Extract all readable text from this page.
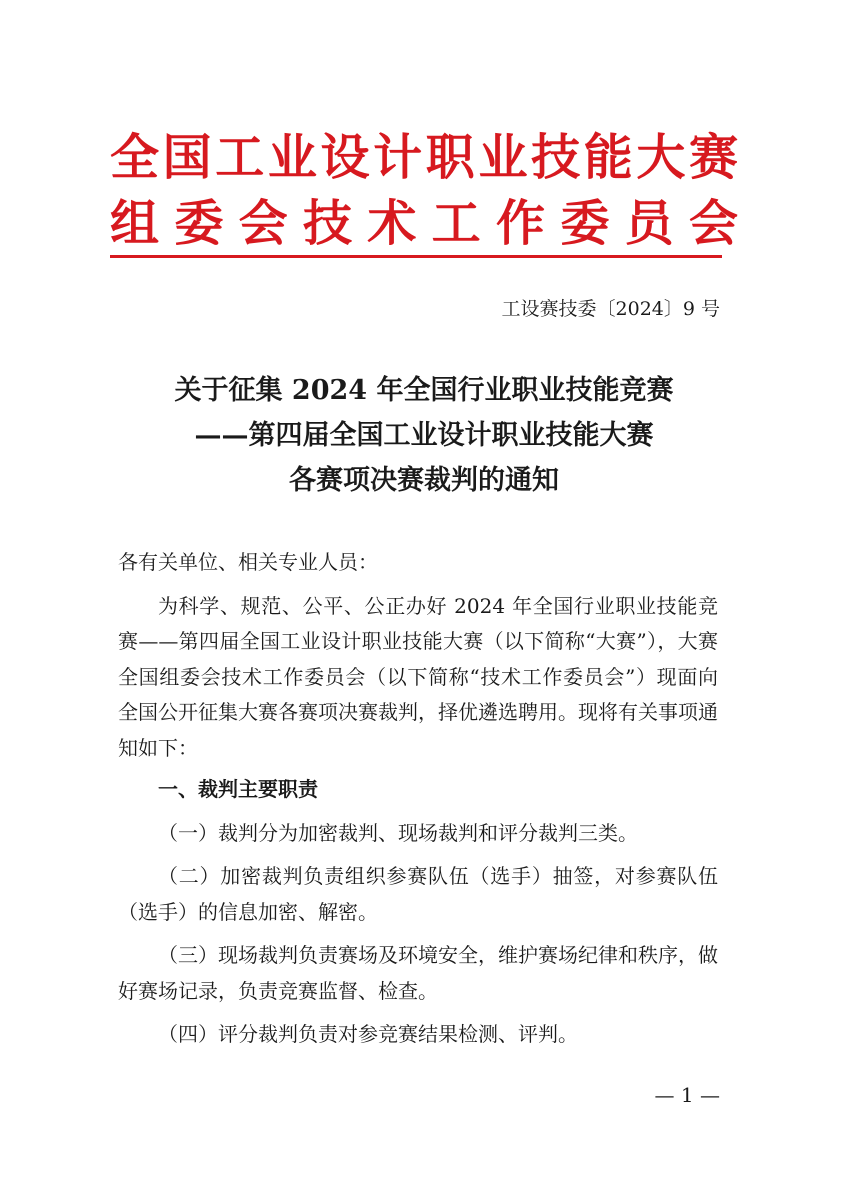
全国工业设计职业技能大赛
组委会技术工作委员会
工设赛技委〔2024〕9 号
关于征集 2024 年全国行业职业技能竞赛
——第四届全国工业设计职业技能大赛
各赛项决赛裁判的通知
各有关单位、相关专业人员：
为科学、规范、公平、公正办好 2024 年全国行业职业技能竞赛——第四届全国工业设计职业技能大赛（以下简称“大赛”），大赛全国组委会技术工作委员会（以下简称“技术工作委员会”）现面向全国公开征集大赛各赛项决赛裁判，择优遴选聘用。现将有关事项通知如下：
一、裁判主要职责
（一）裁判分为加密裁判、现场裁判和评分裁判三类。
（二）加密裁判负责组织参赛队伍（选手）抽签，对参赛队伍（选手）的信息加密、解密。
（三）现场裁判负责赛场及环境安全，维护赛场纪律和秩序，做好赛场记录，负责竞赛监督、检查。
（四）评分裁判负责对参竞赛结果检测、评判。
— 1 —
